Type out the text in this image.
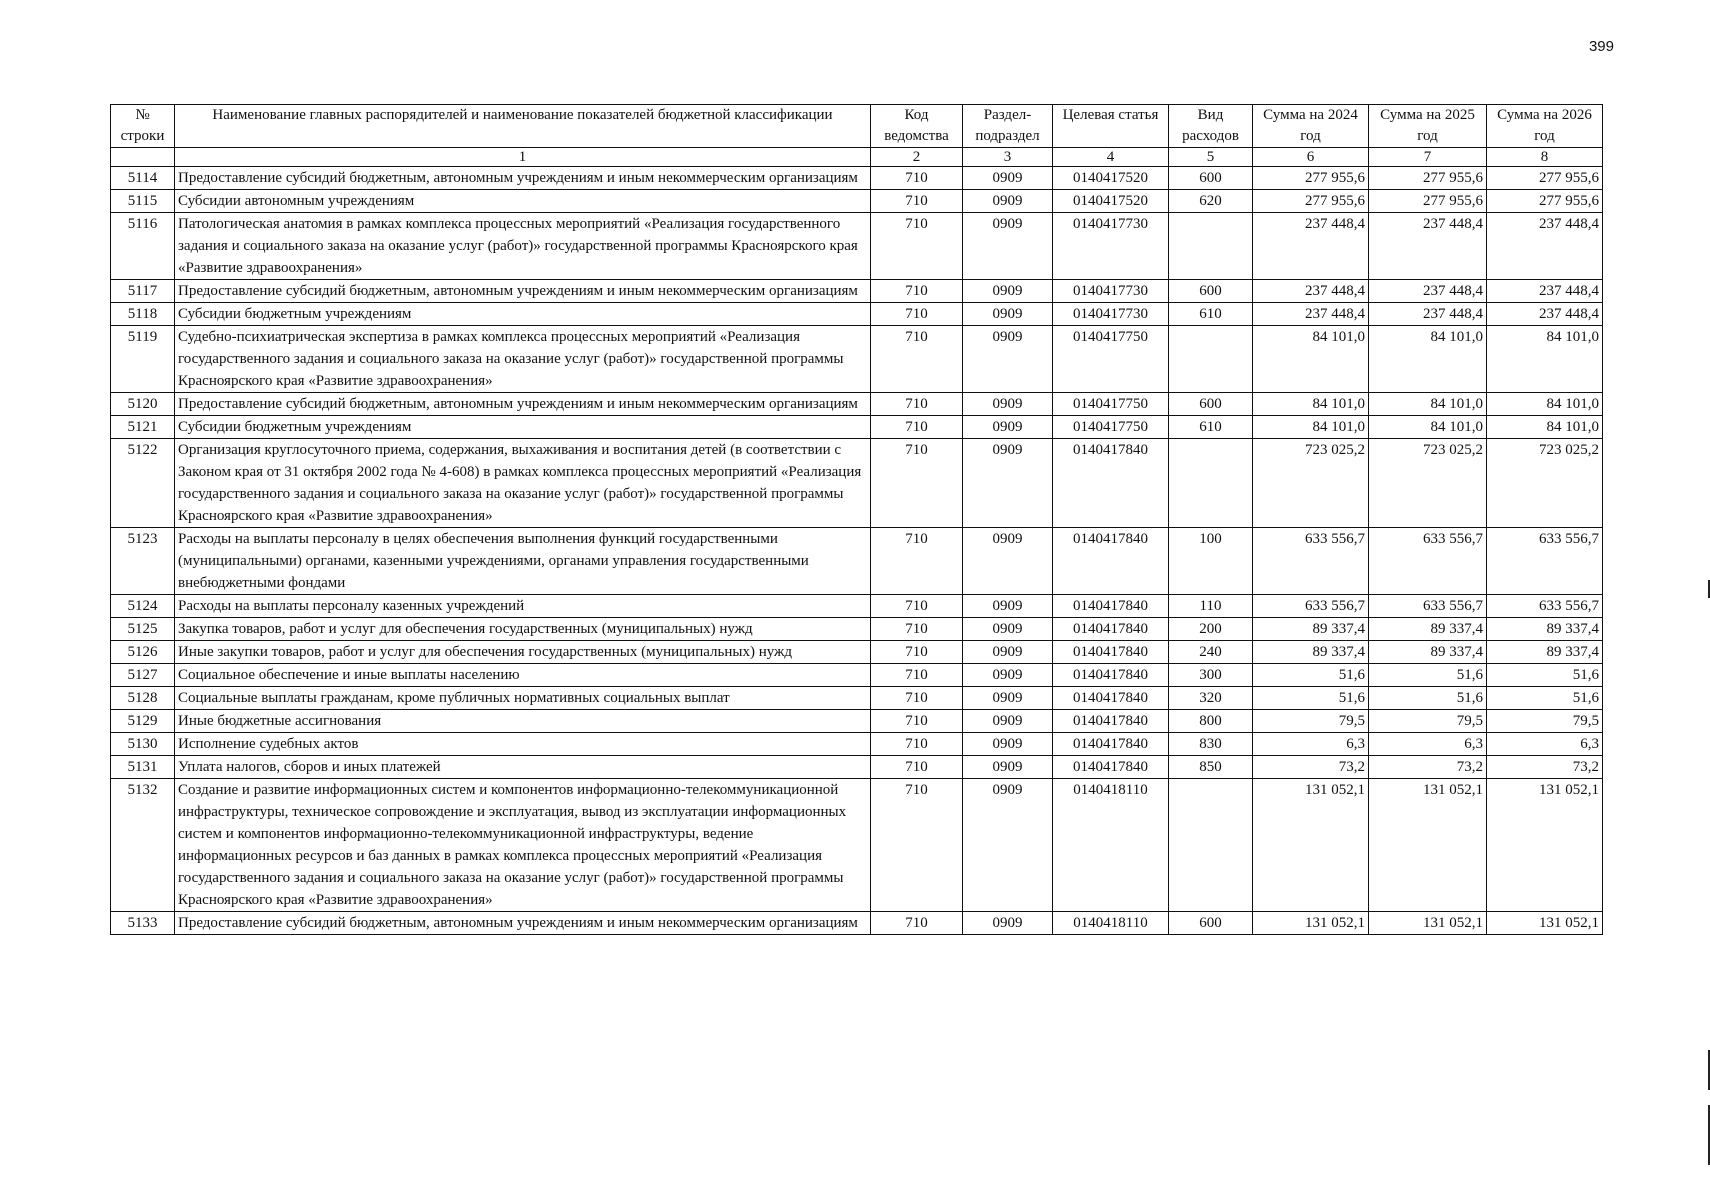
399
№ строки	Наименование главных распорядителей и наименование показателей бюджетной классификации	Код ведомства	Раздел-подраздел	Целевая статья	Вид расходов	Сумма на 2024 год	Сумма на 2025 год	Сумма на 2026 год
	1	2	3	4	5	6	7	8
5114	Предоставление субсидий бюджетным, автономным учреждениям и иным некоммерческим организациям	710	0909	0140417520	600	277 955,6	277 955,6	277 955,6
5115	Субсидии автономным учреждениям	710	0909	0140417520	620	277 955,6	277 955,6	277 955,6
5116	Патологическая анатомия в рамках комплекса процессных мероприятий «Реализация государственного задания и социального заказа на оказание услуг (работ)» государственной программы Красноярского края «Развитие здравоохранения»	710	0909	0140417730		237 448,4	237 448,4	237 448,4
5117	Предоставление субсидий бюджетным, автономным учреждениям и иным некоммерческим организациям	710	0909	0140417730	600	237 448,4	237 448,4	237 448,4
5118	Субсидии бюджетным учреждениям	710	0909	0140417730	610	237 448,4	237 448,4	237 448,4
5119	Судебно-психиатрическая экспертиза в рамках комплекса процессных мероприятий «Реализация государственного задания и социального заказа на оказание услуг (работ)» государственной программы Красноярского края «Развитие здравоохранения»	710	0909	0140417750		84 101,0	84 101,0	84 101,0
5120	Предоставление субсидий бюджетным, автономным учреждениям и иным некоммерческим организациям	710	0909	0140417750	600	84 101,0	84 101,0	84 101,0
5121	Субсидии бюджетным учреждениям	710	0909	0140417750	610	84 101,0	84 101,0	84 101,0
5122	Организация круглосуточного приема, содержания, выхаживания и воспитания детей (в соответствии с Законом края от 31 октября 2002 года № 4-608) в рамках комплекса процессных мероприятий «Реализация государственного задания и социального заказа на оказание услуг (работ)» государственной программы Красноярского края «Развитие здравоохранения»	710	0909	0140417840		723 025,2	723 025,2	723 025,2
5123	Расходы на выплаты персоналу в целях обеспечения выполнения функций государственными (муниципальными) органами, казенными учреждениями, органами управления государственными внебюджетными фондами	710	0909	0140417840	100	633 556,7	633 556,7	633 556,7
5124	Расходы на выплаты персоналу казенных учреждений	710	0909	0140417840	110	633 556,7	633 556,7	633 556,7
5125	Закупка товаров, работ и услуг для обеспечения государственных (муниципальных) нужд	710	0909	0140417840	200	89 337,4	89 337,4	89 337,4
5126	Иные закупки товаров, работ и услуг для обеспечения государственных (муниципальных) нужд	710	0909	0140417840	240	89 337,4	89 337,4	89 337,4
5127	Социальное обеспечение и иные выплаты населению	710	0909	0140417840	300	51,6	51,6	51,6
5128	Социальные выплаты гражданам, кроме публичных нормативных социальных выплат	710	0909	0140417840	320	51,6	51,6	51,6
5129	Иные бюджетные ассигнования	710	0909	0140417840	800	79,5	79,5	79,5
5130	Исполнение судебных актов	710	0909	0140417840	830	6,3	6,3	6,3
5131	Уплата налогов, сборов и иных платежей	710	0909	0140417840	850	73,2	73,2	73,2
5132	Создание и развитие информационных систем и компонентов информационно-телекоммуникационной инфраструктуры, техническое сопровождение и эксплуатация, вывод из эксплуатации информационных систем и компонентов информационно-телекоммуникационной инфраструктуры, ведение информационных ресурсов и баз данных в рамках комплекса процессных мероприятий «Реализация государственного задания и социального заказа на оказание услуг (работ)» государственной программы Красноярского края «Развитие здравоохранения»	710	0909	0140418110		131 052,1	131 052,1	131 052,1
5133	Предоставление субсидий бюджетным, автономным учреждениям и иным некоммерческим организациям	710	0909	0140418110	600	131 052,1	131 052,1	131 052,1
